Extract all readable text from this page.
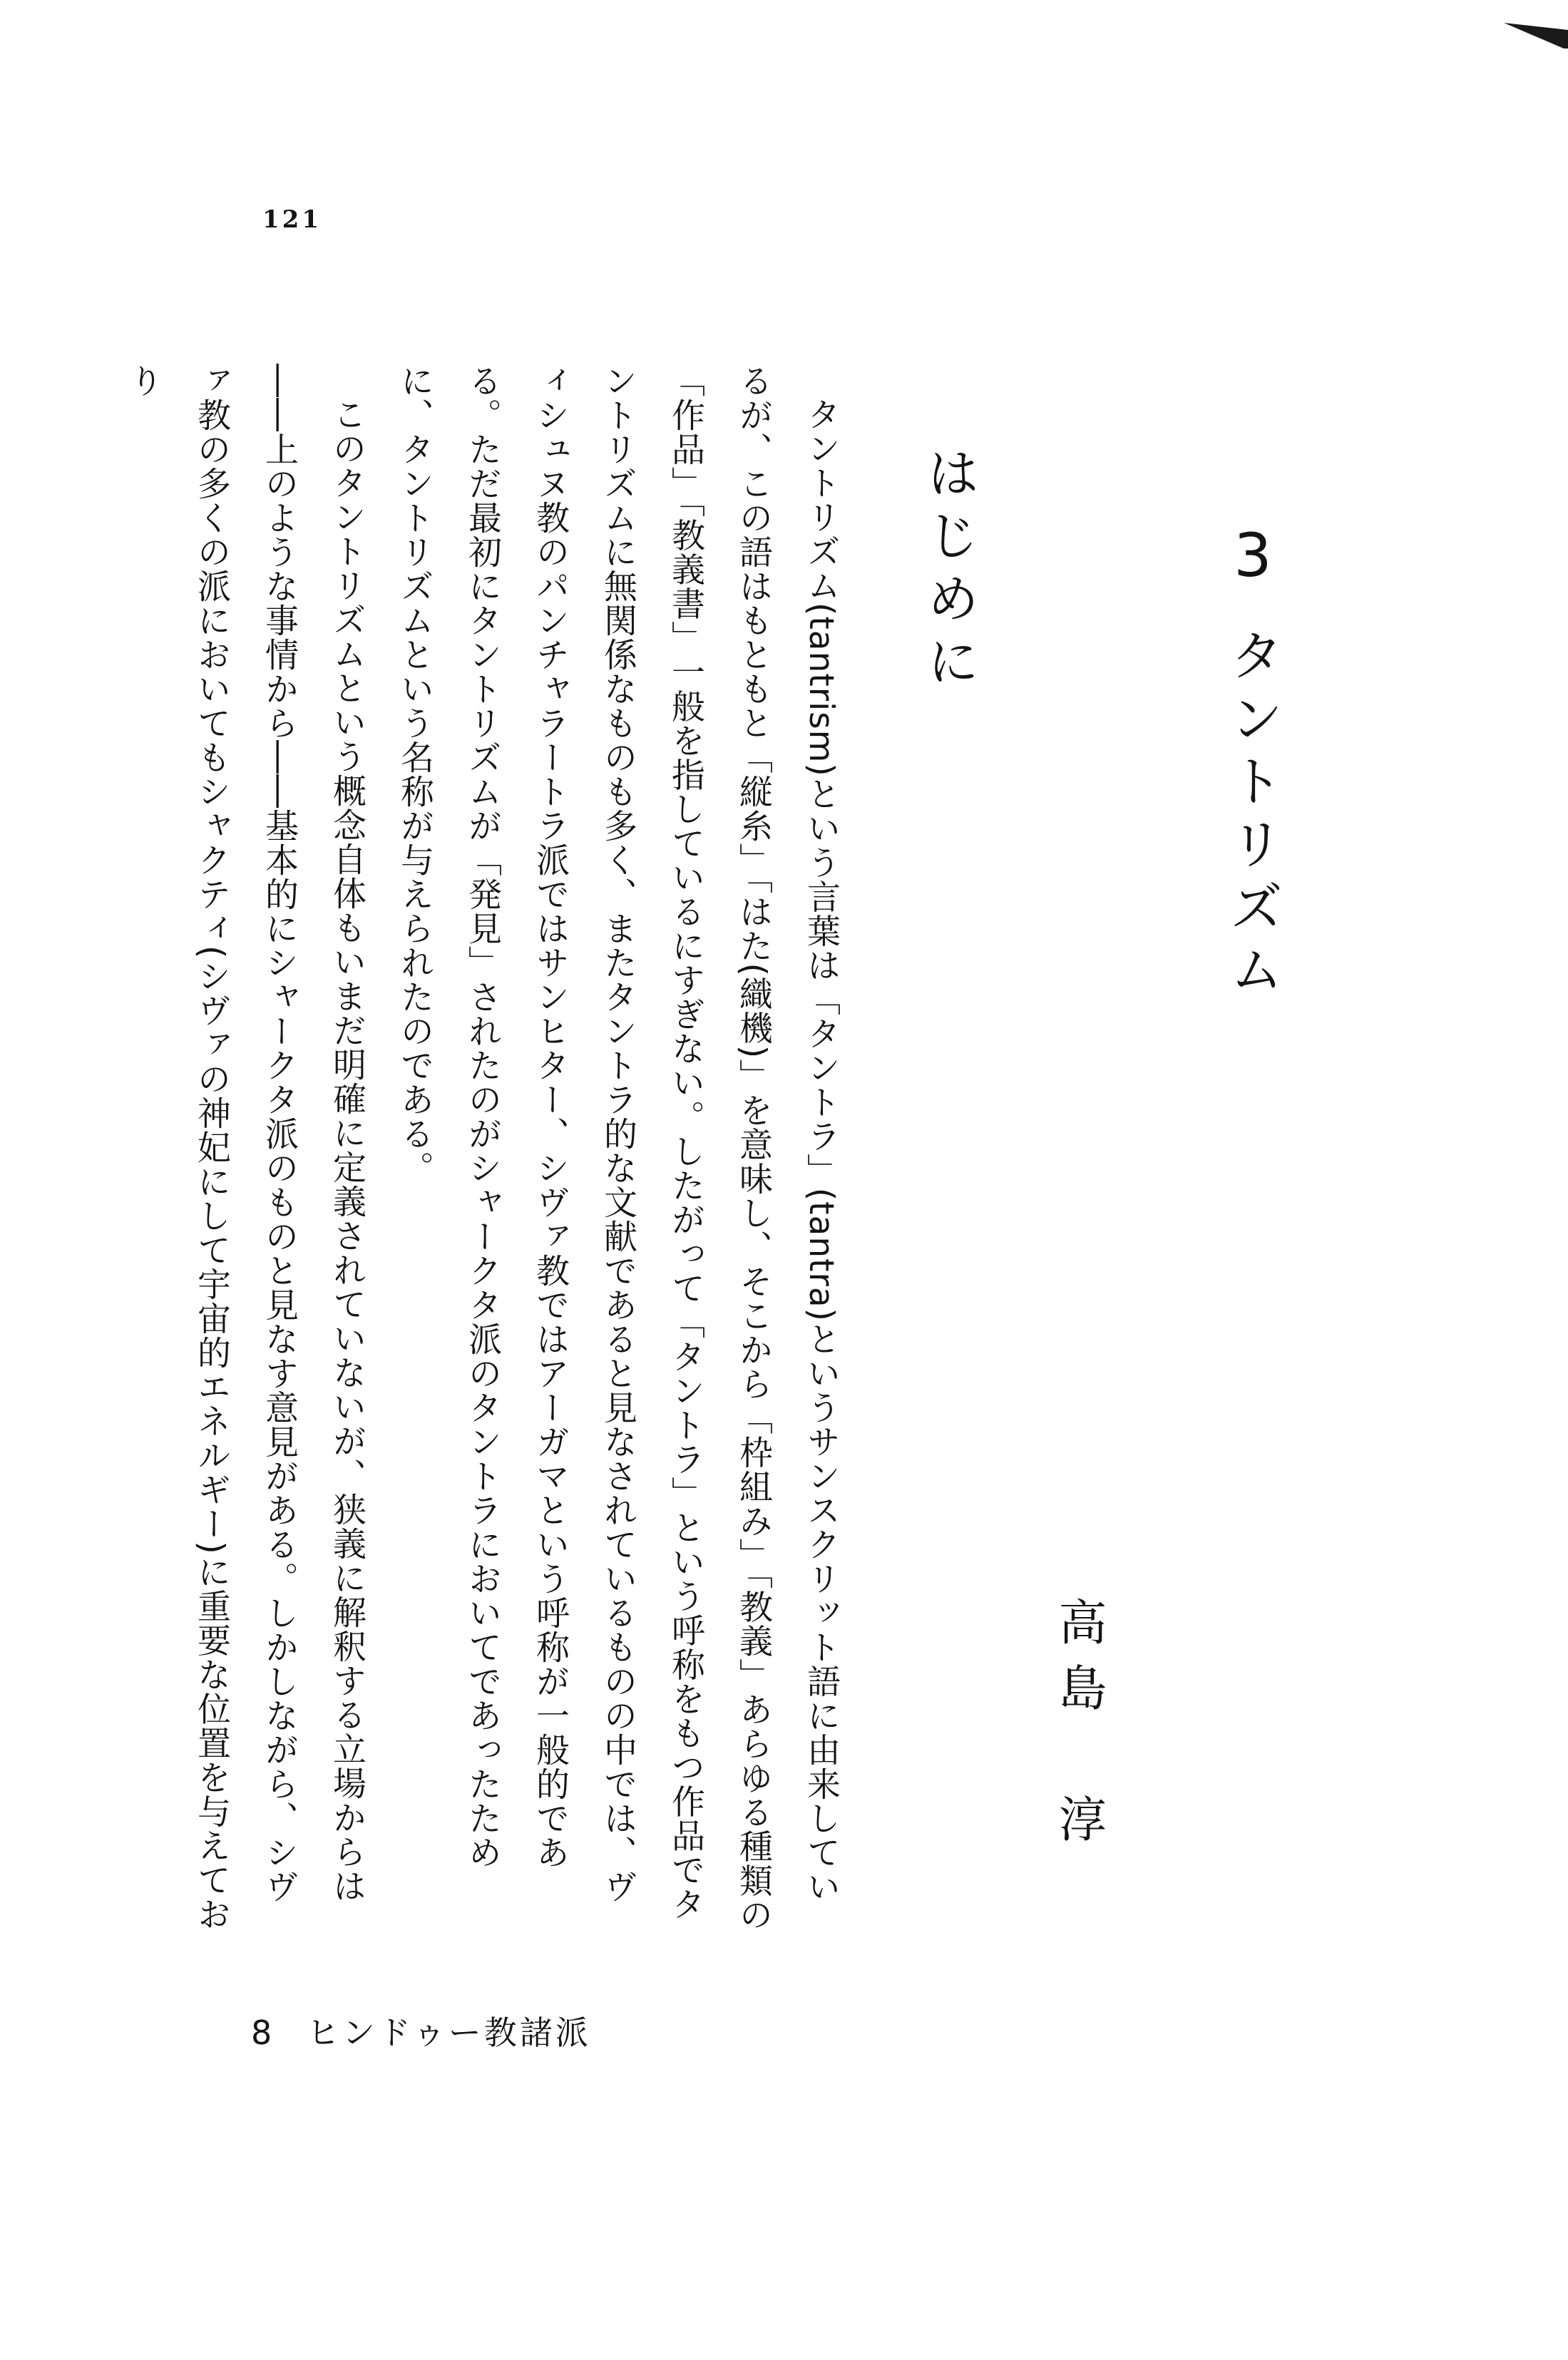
121
3
タントリズム
高島　淳
はじめに

タントリズム(tantrism)という言葉は「タントラ」(tantra)というサンスクリット語に由来しているが、この語はもともと「縦糸」「はた(織機)」を意味し、そこから「枠組み」「教義」あらゆる種類の「作品」「教義書」一般を指しているにすぎない。したがって「タントラ」という呼称をもつ作品でタントリズムに無関係なものも多く、またタントラ的な文献であると見なされているものの中では、ヴィシュヌ教のパンチャラートラ派ではサンヒター、シヴァ教ではアーガマという呼称が一般的である。ただ最初にタントリズムが「発見」されたのがシャークタ派のタントラにおいてであったために、タントリズムという名称が与えられたのである。

このタントリズムという概念自体もいまだ明確に定義されていないが、狭義に解釈する立場からは――上のような事情から――基本的にシャークタ派のものと見なす意見がある。しかしながら、シヴァ教の多くの派においてもシャクティ(シヴァの神妃にして宇宙的エネルギー)に重要な位置を与えており

8 ヒンドゥー教諸派
